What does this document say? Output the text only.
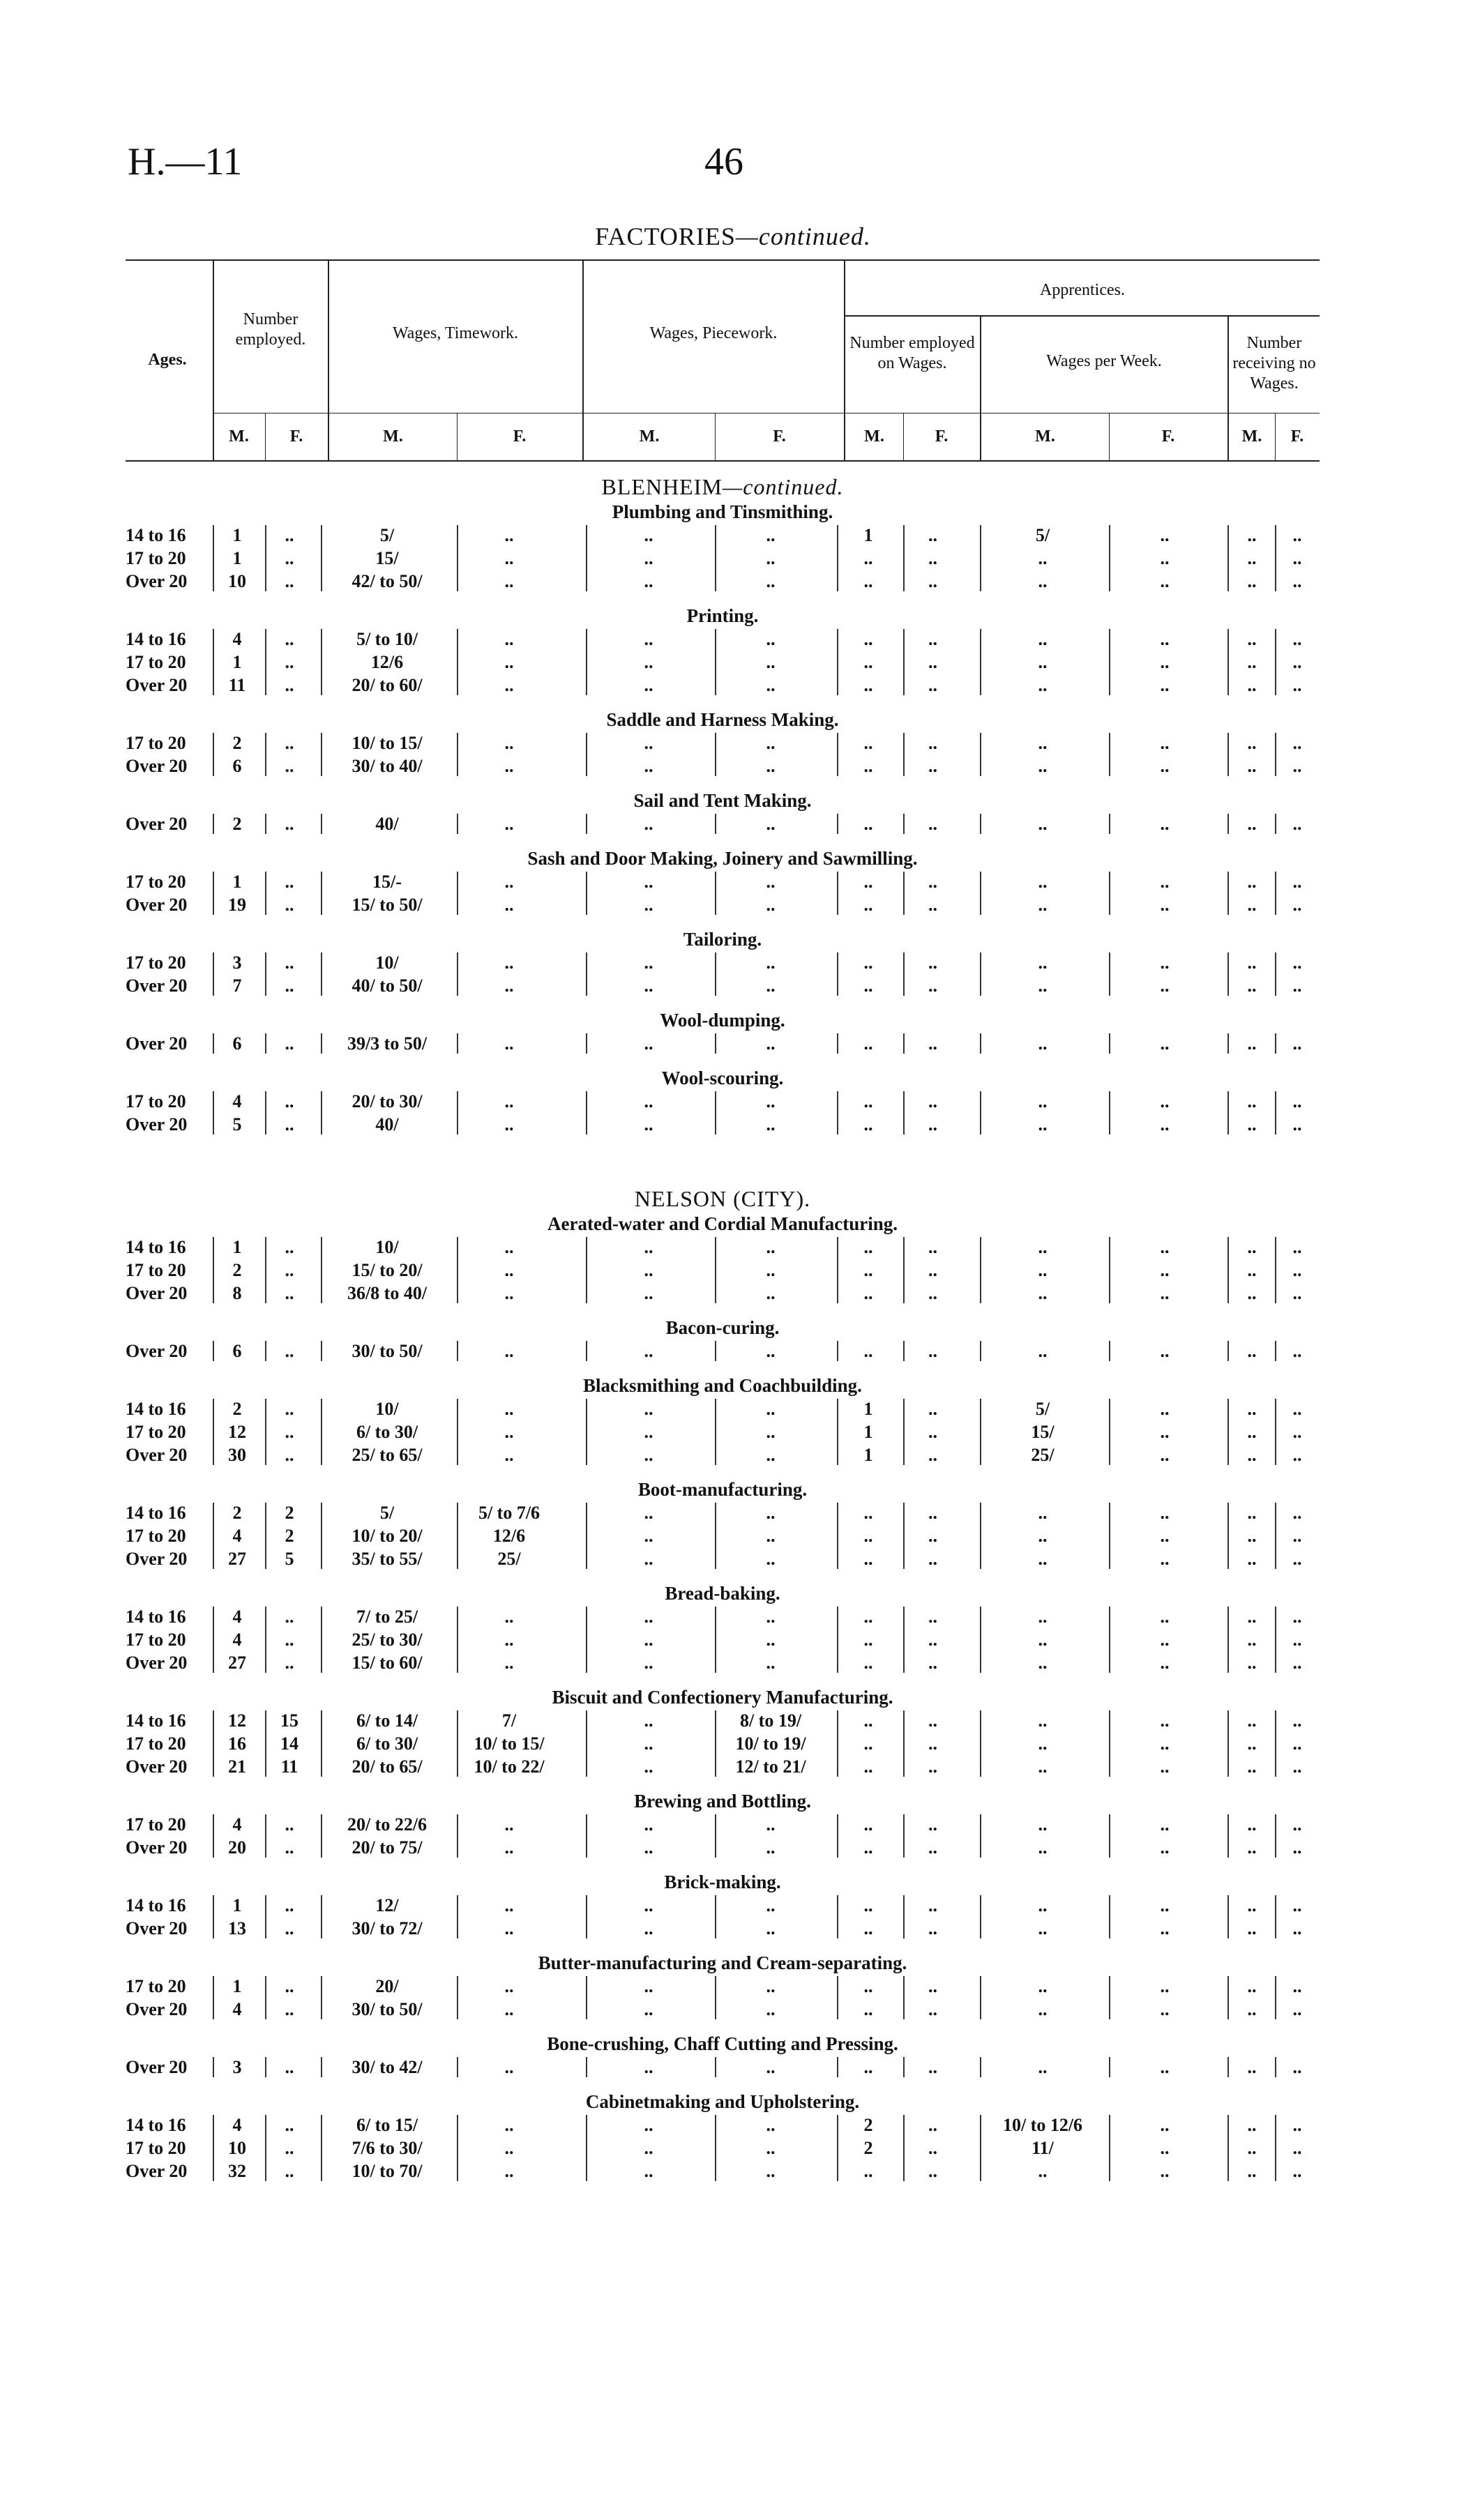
H.—11	46
FACTORIES—continued.
Ages.
Number employed.	Wages, Timework.	Wages, Piecework.
Apprentices.
Number employed on Wages.	Wages per Week.
Number receiving no Wages.
M.	F.	M.	F.	M.	F.	M.	F.	M.	F.	M.	F.
BLENHEIM—continued.
Plumbing and Tinsmithing.
14 to 16	1	..	5/	..	..	..	1	..	5/	..	..	..
17 to 20	1	..	15/	..	..	..	..	..	..	..	..	..
Over 20	10	..	42/ to 50/	..	..	..	..	..	..	..	..	..
Printing.
14 to 16	4	..	5/ to 10/	..	..	..	..	..	..	..	..	..
17 to 20	1	..	12/6	..	..	..	..	..	..	..	..	..
Over 20	11	..	20/ to 60/	..	..	..	..	..	..	..	..	..
Saddle and Harness Making.
17 to 20	2	..	10/ to 15/	..	..	..	..	..	..	..	..	..
Over 20	6	..	30/ to 40/	..	..	..	..	..	..	..	..	..
Sail and Tent Making.
Over 20	2	..	40/	..	..	..	..	..	..	..	..	..
Sash and Door Making, Joinery and Sawmilling.
17 to 20	1	..	15/-	..	..	..	..	..	..	..	..	..
Over 20	19	..	15/ to 50/	..	..	..	..	..	..	..	..	..
Tailoring.
17 to 20	3	..	10/	..	..	..	..	..	..	..	..	..
Over 20	7	..	40/ to 50/	..	..	..	..	..	..	..	..	..
Wool-dumping.
Over 20	6	..	39/3 to 50/	..	..	..	..	..	..	..	..	..
Wool-scouring.
17 to 20	4	..	20/ to 30/	..	..	..	..	..	..	..	..	..
Over 20	5	..	40/	..	..	..	..	..	..	..	..	..
NELSON (CITY).
Aerated-water and Cordial Manufacturing.
14 to 16	1	..	10/	..	..	..	..	..	..	..	..	..
17 to 20	2	..	15/ to 20/	..	..	..	..	..	..	..	..	..
Over 20	8	..	36/8 to 40/	..	..	..	..	..	..	..	..	..
Bacon-curing.
Over 20	6	..	30/ to 50/	..	..	..	..	..	..	..	..	..
Blacksmithing and Coachbuilding.
14 to 16	2	..	10/	..	..	..	1	..	5/	..	..	..
17 to 20	12	..	6/ to 30/	..	..	..	1	..	15/	..	..	..
Over 20	30	..	25/ to 65/	..	..	..	1	..	25/	..	..	..
Boot-manufacturing.
14 to 16	2	2	5/	5/ to 7/6	..	..	..	..	..	..	..	..
17 to 20	4	2	10/ to 20/	12/6	..	..	..	..	..	..	..	..
Over 20	27	5	35/ to 55/	25/	..	..	..	..	..	..	..	..
Bread-baking.
14 to 16	4	..	7/ to 25/	..	..	..	..	..	..	..	..	..
17 to 20	4	..	25/ to 30/	..	..	..	..	..	..	..	..	..
Over 20	27	..	15/ to 60/	..	..	..	..	..	..	..	..	..
Biscuit and Confectionery Manufacturing.
14 to 16	12	15	6/ to 14/	7/	..	8/ to 19/	..	..	..	..	..	..
17 to 20	16	14	6/ to 30/	10/ to 15/	..	10/ to 19/	..	..	..	..	..	..
Over 20	21	11	20/ to 65/	10/ to 22/	..	12/ to 21/	..	..	..	..	..	..
Brewing and Bottling.
17 to 20	4	..	20/ to 22/6	..	..	..	..	..	..	..	..	..
Over 20	20	..	20/ to 75/	..	..	..	..	..	..	..	..	..
Brick-making.
14 to 16	1	..	12/	..	..	..	..	..	..	..	..	..
Over 20	13	..	30/ to 72/	..	..	..	..	..	..	..	..	..
Butter-manufacturing and Cream-separating.
17 to 20	1	..	20/	..	..	..	..	..	..	..	..	..
Over 20	4	..	30/ to 50/	..	..	..	..	..	..	..	..	..
Bone-crushing, Chaff Cutting and Pressing.
Over 20	3	..	30/ to 42/	..	..	..	..	..	..	..	..	..
Cabinetmaking and Upholstering.
14 to 16	4	..	6/ to 15/	..	..	..	2	..	10/ to 12/6	..	..	..
17 to 20	10	..	7/6 to 30/	..	..	..	2	..	11/	..	..	..
Over 20	32	..	10/ to 70/	..	..	..	..	..	..	..	..	..
